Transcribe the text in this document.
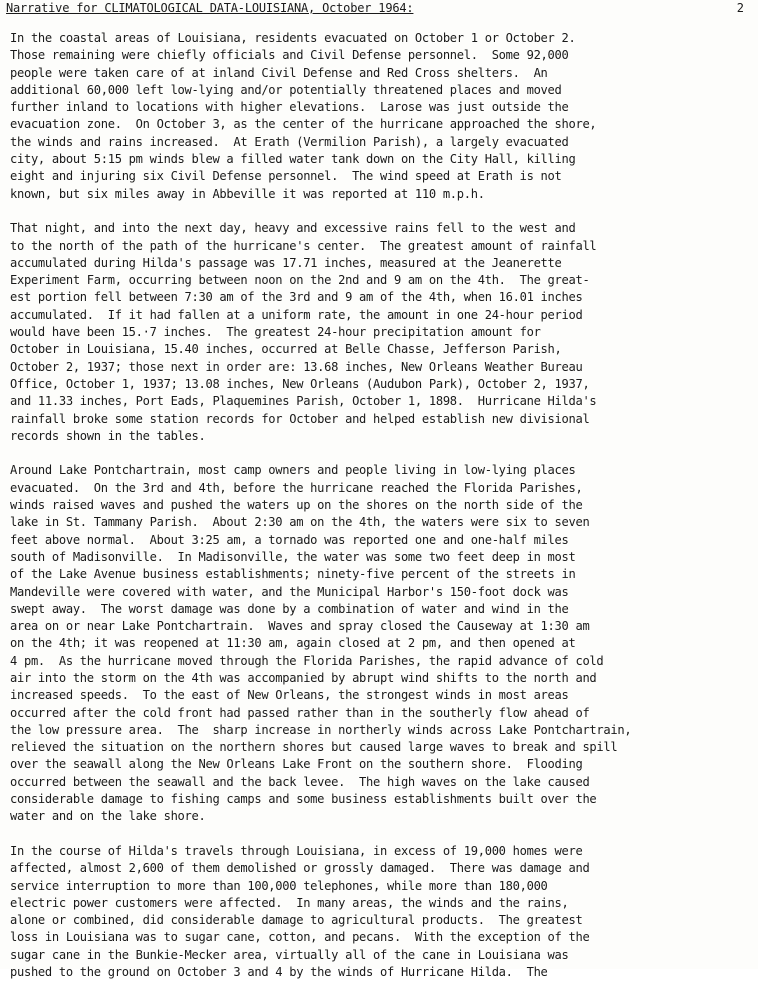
Narrative for CLIMATOLOGICAL DATA-LOUISIANA, October 1964:	2
In the coastal areas of Louisiana, residents evacuated on October 1 or October 2.
Those remaining were chiefly officials and Civil Defense personnel.  Some 92,000
people were taken care of at inland Civil Defense and Red Cross shelters.  An
additional 60,000 left low-lying and/or potentially threatened places and moved
further inland to locations with higher elevations.  Larose was just outside the
evacuation zone.  On October 3, as the center of the hurricane approached the shore,
the winds and rains increased.  At Erath (Vermilion Parish), a largely evacuated
city, about 5:15 pm winds blew a filled water tank down on the City Hall, killing
eight and injuring six Civil Defense personnel.  The wind speed at Erath is not
known, but six miles away in Abbeville it was reported at 110 m.p.h.
That night, and into the next day, heavy and excessive rains fell to the west and
to the north of the path of the hurricane's center.  The greatest amount of rainfall
accumulated during Hilda's passage was 17.71 inches, measured at the Jeanerette
Experiment Farm, occurring between noon on the 2nd and 9 am on the 4th.  The great-
est portion fell between 7:30 am of the 3rd and 9 am of the 4th, when 16.01 inches
accumulated.  If it had fallen at a uniform rate, the amount in one 24-hour period
would have been 15.·7 inches.  The greatest 24-hour precipitation amount for
October in Louisiana, 15.40 inches, occurred at Belle Chasse, Jefferson Parish,
October 2, 1937; those next in order are: 13.68 inches, New Orleans Weather Bureau
Office, October 1, 1937; 13.08 inches, New Orleans (Audubon Park), October 2, 1937,
and 11.33 inches, Port Eads, Plaquemines Parish, October 1, 1898.  Hurricane Hilda's
rainfall broke some station records for October and helped establish new divisional
records shown in the tables.
Around Lake Pontchartrain, most camp owners and people living in low-lying places
evacuated.  On the 3rd and 4th, before the hurricane reached the Florida Parishes,
winds raised waves and pushed the waters up on the shores on the north side of the
lake in St. Tammany Parish.  About 2:30 am on the 4th, the waters were six to seven
feet above normal.  About 3:25 am, a tornado was reported one and one-half miles
south of Madisonville.  In Madisonville, the water was some two feet deep in most
of the Lake Avenue business establishments; ninety-five percent of the streets in
Mandeville were covered with water, and the Municipal Harbor's 150-foot dock was
swept away.  The worst damage was done by a combination of water and wind in the
area on or near Lake Pontchartrain.  Waves and spray closed the Causeway at 1:30 am
on the 4th; it was reopened at 11:30 am, again closed at 2 pm, and then opened at
4 pm.  As the hurricane moved through the Florida Parishes, the rapid advance of cold
air into the storm on the 4th was accompanied by abrupt wind shifts to the north and
increased speeds.  To the east of New Orleans, the strongest winds in most areas
occurred after the cold front had passed rather than in the southerly flow ahead of
the low pressure area.  The  sharp increase in northerly winds across Lake Pontchartrain,
relieved the situation on the northern shores but caused large waves to break and spill
over the seawall along the New Orleans Lake Front on the southern shore.  Flooding
occurred between the seawall and the back levee.  The high waves on the lake caused
considerable damage to fishing camps and some business establishments built over the
water and on the lake shore.
In the course of Hilda's travels through Louisiana, in excess of 19,000 homes were
affected, almost 2,600 of them demolished or grossly damaged.  There was damage and
service interruption to more than 100,000 telephones, while more than 180,000
electric power customers were affected.  In many areas, the winds and the rains,
alone or combined, did considerable damage to agricultural products.  The greatest
loss in Louisiana was to sugar cane, cotton, and pecans.  With the exception of the
sugar cane in the Bunkie-Mecker area, virtually all of the cane in Louisiana was
pushed to the ground on October 3 and 4 by the winds of Hurricane Hilda.  The
